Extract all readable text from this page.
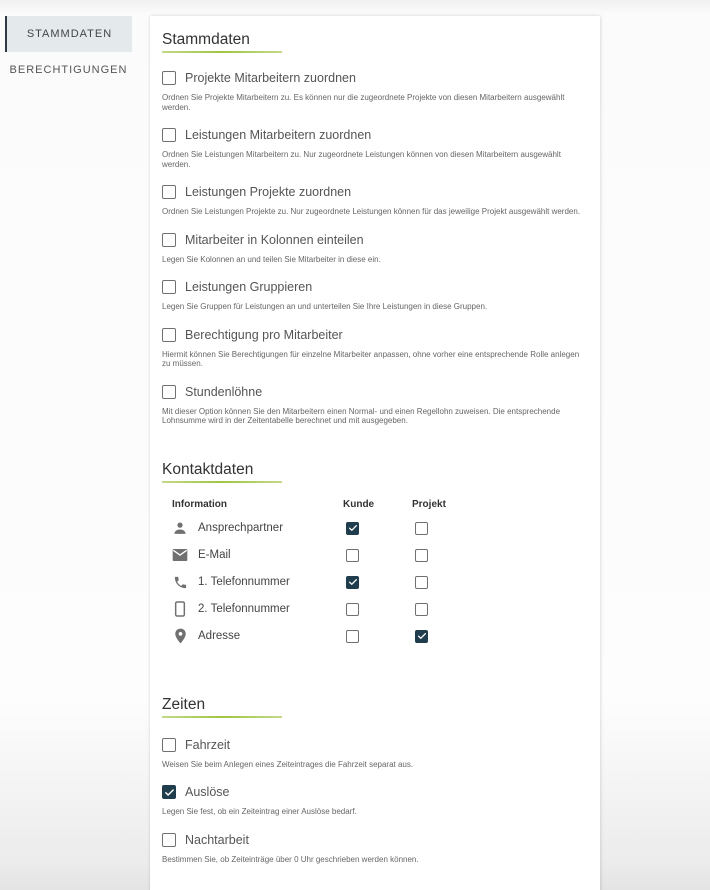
STAMMDATEN
BERECHTIGUNGEN
Stammdaten
Projekte Mitarbeitern zuordnen
Ordnen Sie Projekte Mitarbeitern zu. Es können nur die zugeordnete Projekte von diesen Mitarbeitern ausgewählt werden.
Leistungen Mitarbeitern zuordnen
Ordnen Sie Leistungen Mitarbeitern zu. Nur zugeordnete Leistungen können von diesen Mitarbeitern ausgewählt werden.
Leistungen Projekte zuordnen
Ordnen Sie Leistungen Projekte zu. Nur zugeordnete Leistungen können für das jeweilige Projekt ausgewählt werden.
Mitarbeiter in Kolonnen einteilen
Legen Sie Kolonnen an und teilen Sie Mitarbeiter in diese ein.
Leistungen Gruppieren
Legen Sie Gruppen für Leistungen an und unterteilen Sie Ihre Leistungen in diese Gruppen.
Berechtigung pro Mitarbeiter
Hiermit können Sie Berechtigungen für einzelne Mitarbeiter anpassen, ohne vorher eine entsprechende Rolle anlegen zu müssen.
Stundenlöhne
Mit dieser Option können Sie den Mitarbeitern einen Normal- und einen Regellohn zuweisen. Die entsprechende Lohnsumme wird in der Zeitentabelle berechnet und mit ausgegeben.
Kontaktdaten
Information	Kunde	Projekt
Ansprechpartner
E-Mail
1. Telefonnummer
2. Telefonnummer
Adresse
Zeiten
Fahrzeit
Weisen Sie beim Anlegen eines Zeiteintrages die Fahrzeit separat aus.
Auslöse
Legen Sie fest, ob ein Zeiteintrag einer Auslöse bedarf.
Nachtarbeit
Bestimmen Sie, ob Zeiteinträge über 0 Uhr geschrieben werden können.
